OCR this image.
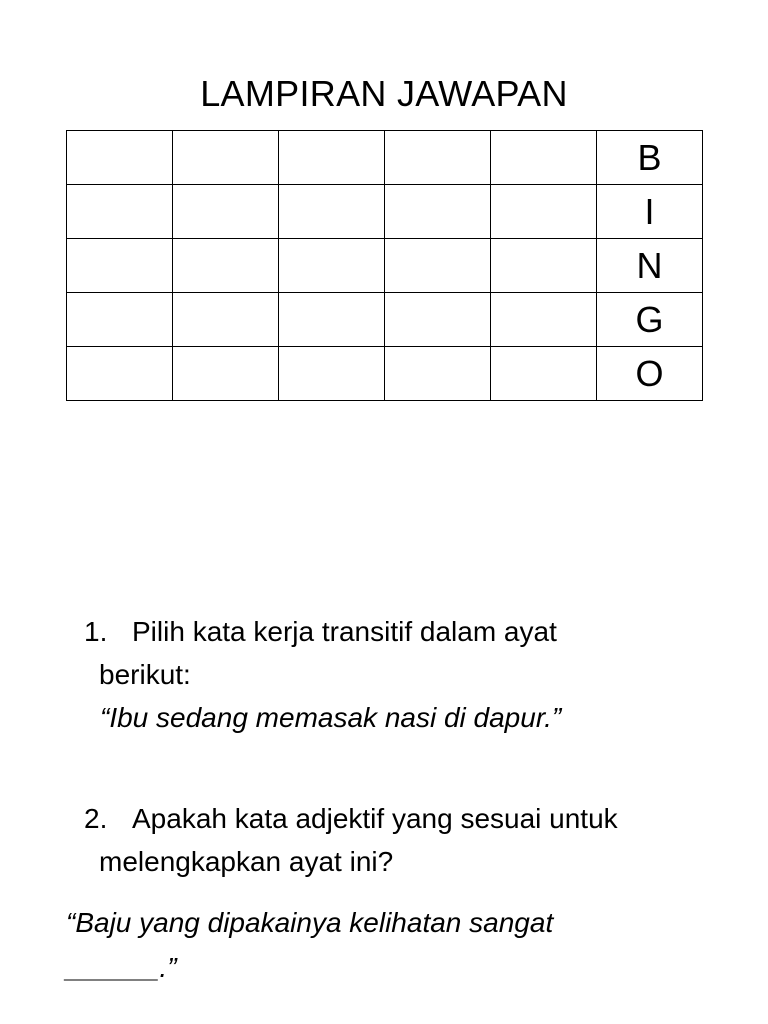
LAMPIRAN JAWAPAN
					B
					I
					N
					G
					O
1. Pilih kata kerja transitif dalam ayat
berikut:
“Ibu sedang memasak nasi di dapur.”
2. Apakah kata adjektif yang sesuai untuk
melengkapkan ayat ini?
“Baju yang dipakainya kelihatan sangat
______.”
